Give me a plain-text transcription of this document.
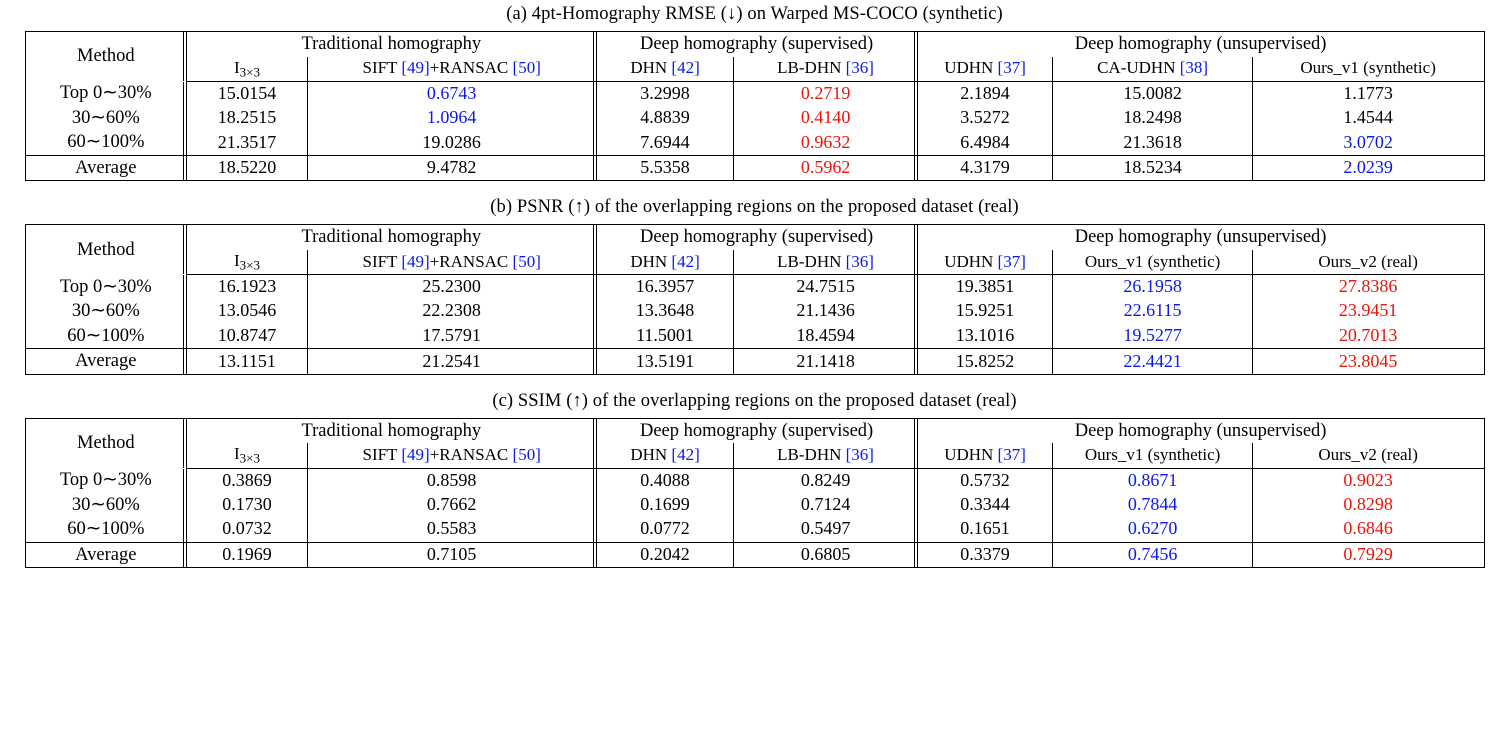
(a) 4pt-Homography RMSE (↓) on Warped MS-COCO (synthetic)
Method	Traditional homography		Deep homography (supervised)		Deep homography (unsupervised)		
	I3×3	SIFT [49]+RANSAC [50]	DHN [42]	LB-DHN [36]	UDHN [37]	CA-UDHN [38]	Ours_v1 (synthetic)
Top 0∼30%	15.0154	0.6743	3.2998	0.2719	2.1894	15.0082	1.1773
30∼60%	18.2515	1.0964	4.8839	0.4140	3.5272	18.2498	1.4544
60∼100%	21.3517	19.0286	7.6944	0.9632	6.4984	21.3618	3.0702
Average	18.5220	9.4782	5.5358	0.5962	4.3179	18.5234	2.0239
(b) PSNR (↑) of the overlapping regions on the proposed dataset (real)
Method	Traditional homography		Deep homography (supervised)		Deep homography (unsupervised)		
	I3×3	SIFT [49]+RANSAC [50]	DHN [42]	LB-DHN [36]	UDHN [37]	Ours_v1 (synthetic)	Ours_v2 (real)
Top 0∼30%	16.1923	25.2300	16.3957	24.7515	19.3851	26.1958	27.8386
30∼60%	13.0546	22.2308	13.3648	21.1436	15.9251	22.6115	23.9451
60∼100%	10.8747	17.5791	11.5001	18.4594	13.1016	19.5277	20.7013
Average	13.1151	21.2541	13.5191	21.1418	15.8252	22.4421	23.8045
(c) SSIM (↑) of the overlapping regions on the proposed dataset (real)
Method	Traditional homography		Deep homography (supervised)		Deep homography (unsupervised)		
	I3×3	SIFT [49]+RANSAC [50]	DHN [42]	LB-DHN [36]	UDHN [37]	Ours_v1 (synthetic)	Ours_v2 (real)
Top 0∼30%	0.3869	0.8598	0.4088	0.8249	0.5732	0.8671	0.9023
30∼60%	0.1730	0.7662	0.1699	0.7124	0.3344	0.7844	0.8298
60∼100%	0.0732	0.5583	0.0772	0.5497	0.1651	0.6270	0.6846
Average	0.1969	0.7105	0.2042	0.6805	0.3379	0.7456	0.7929
